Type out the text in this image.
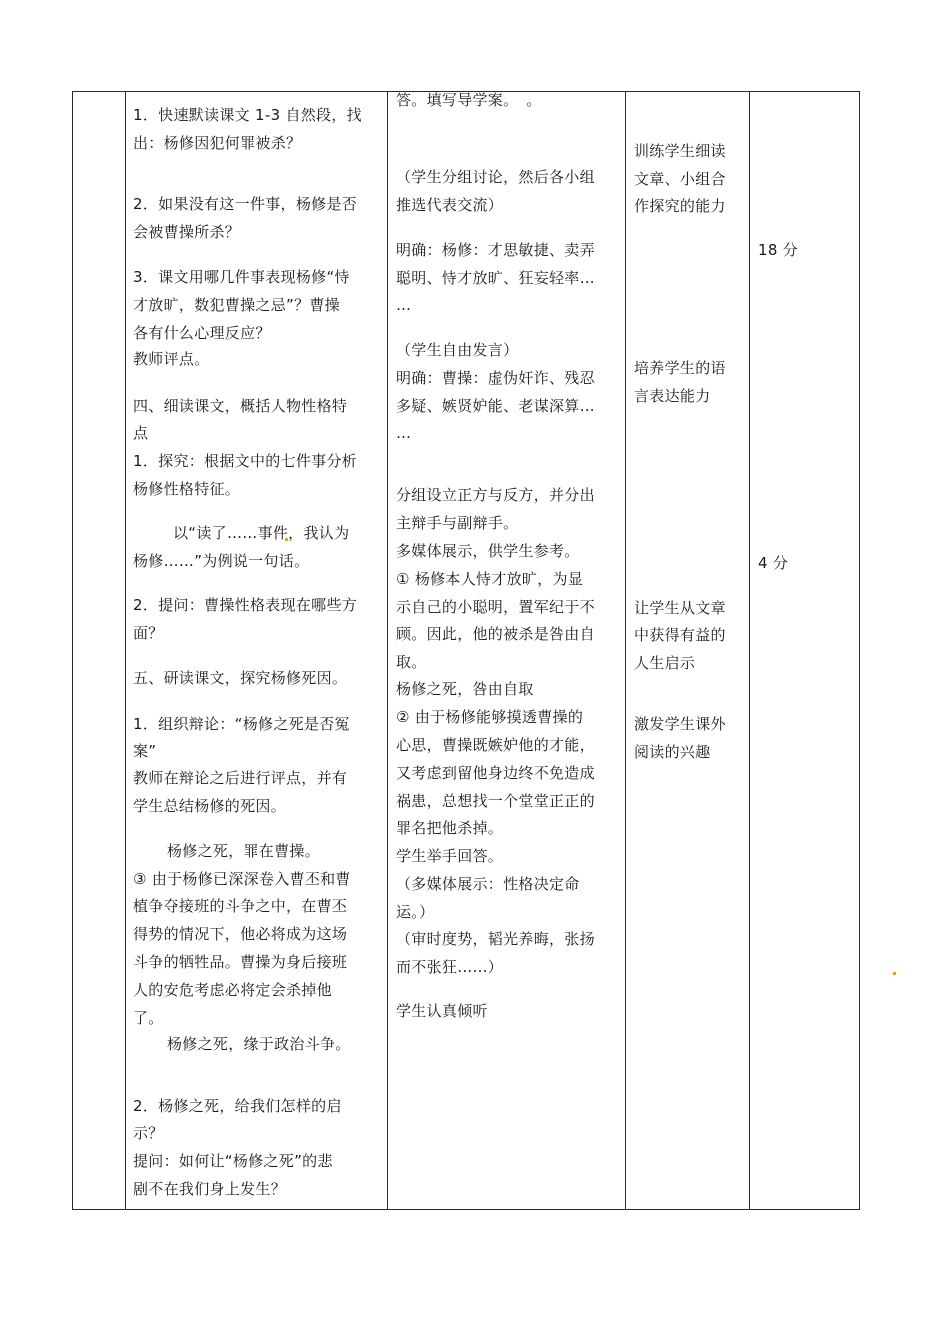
1．快速默读课文 1-3 自然段，找
出：杨修因犯何罪被杀？
2．如果没有这一件事，杨修是否
会被曹操所杀？
3．课文用哪几件事表现杨修“恃
才放旷，数犯曹操之忌”？曹操
各有什么心理反应？
教师评点。
四、细读课文，概括人物性格特
点
1．探究：根据文中的七件事分析
杨修性格特征。
以“读了……事件，我认为
杨修……”为例说一句话。
2．提问：曹操性格表现在哪些方
面？
五、研读课文，探究杨修死因。
1．组织辩论：“杨修之死是否冤
案”
教师在辩论之后进行评点，并有
学生总结杨修的死因。
杨修之死，罪在曹操。
③ 由于杨修已深深卷入曹丕和曹
植争夺接班的斗争之中，在曹丕
得势的情况下，他必将成为这场
斗争的牺牲品。曹操为身后接班
人的安危考虑必将定会杀掉他
了。
杨修之死，缘于政治斗争。
2．杨修之死，给我们怎样的启
示？
提问：如何让“杨修之死”的悲
剧不在我们身上发生？
答。填写导学案。　。
（学生分组讨论，然后各小组
推选代表交流）
明确：杨修：才思敏捷、卖弄
聪明、恃才放旷、狂妄轻率…
…
（学生自由发言）
明确：曹操：虚伪奸诈、残忍
多疑、嫉贤妒能、老谋深算…
…
分组设立正方与反方，并分出
主辩手与副辩手。
多媒体展示，供学生参考。
① 杨修本人恃才放旷，为显
示自己的小聪明，置军纪于不
顾。因此，他的被杀是咎由自
取。
杨修之死，咎由自取
② 由于杨修能够摸透曹操的
心思，曹操既嫉妒他的才能，
又考虑到留他身边终不免造成
祸患，总想找一个堂堂正正的
罪名把他杀掉。
学生举手回答。
（多媒体展示：性格决定命
运。）
（审时度势，韬光养晦，张扬
而不张狂……）
学生认真倾听
训练学生细读
文章、小组合
作探究的能力
培养学生的语
言表达能力
让学生从文章
中获得有益的
人生启示
激发学生课外
阅读的兴趣
18 分
4 分
